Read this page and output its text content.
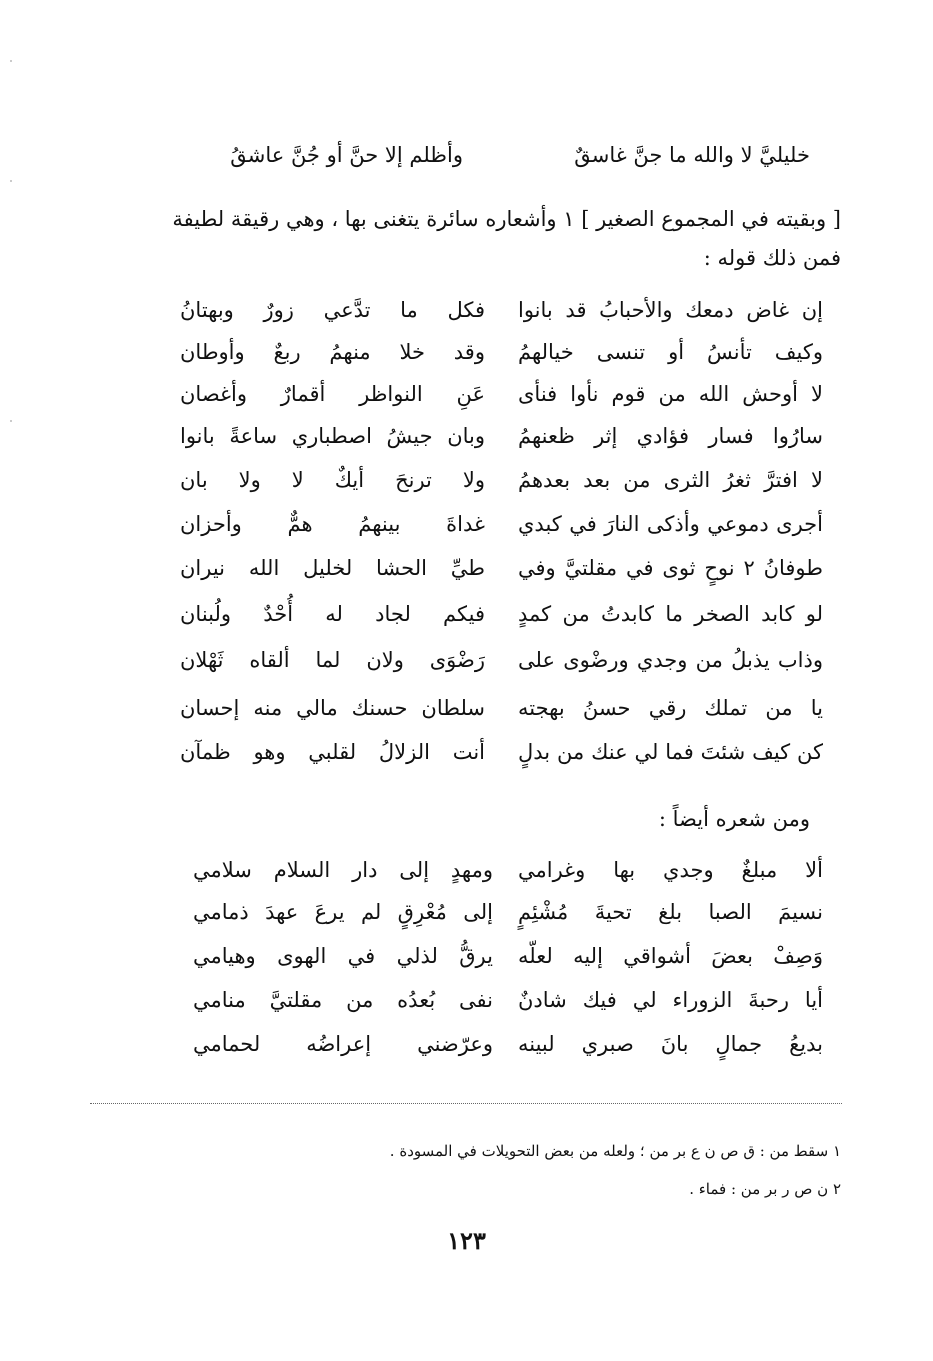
خليليَّ لا والله ما جنَّ غاسقٌ
وأظلم إلا حنَّ أو جُنَّ عاشقُ
[ وبقيته في المجموع الصغير ] ١ وأشعاره سائرة يتغنى بها ، وهي رقيقة لطيفة
فمن ذلك قوله :
إن غاض دمعك والأحبابُ قد بانوا
وكيف تأنسُ أو تنسى خيالهمُ
لا أوحش الله من قوم نأوا فنأى
سارُوا فسار فؤادي إثر ظعنهمُ
لا افترَّ ثغرُ الثرى من بعد بعدهمُ
أجرى دموعي وأذكى النارَ في كبدي
طوفانُ ٢ نوحٍ ثوى في مقلتيَّ وفي
لو كابد الصخر ما كابدتُ من كمدٍ
وذاب يذبلُ من وجدي ورضْوى على
يا من تملك رقي حسنُ بهجته
كن كيف شئتَ فما لي عنك من بدلٍ
فكل ما تدَّعي زورٌ وبهتانُ
وقد خلا منهمُ ربعٌ وأوطان
عَنِ النواظر أقمارٌ وأغصان
وبان جيشُ اصطباري ساعةً بانوا
ولا ترنحَ أيكٌ لا ولا بان
غداةَ بينهمُ همٌّ وأحزان
طيِّ الحشا لخليل الله نيران
فيكم لجاد له أُحْدٌ ولُبنان
رَضْوَى ولان لما ألقاه ثَهْلان
سلطان حسنك مالي منه إحسان
أنت الزلالُ لقلبي وهو ظمآن
ومن شعره أيضاً :
ألا مبلغٌ وجدي بها وغرامي
نسيمَ الصبا بلغ تحيةَ مُشْئِمٍ
وَصِفْ بعضَ أشواقي إليه لعلّه
أيا رحبةَ الزوراء لي فيك شادنٌ
بديعُ جمالٍ بانَ صبري لبينه
ومهدٍ إلى دار السلام سلامي
إلى مُعْرِقٍ لم يرعَ عهدَ ذمامي
يرقُّ لذلي في الهوى وهيامي
نفى بُعدُه من مقلتيَّ منامي
وعرّضني إعراضُه لحمامي
١ سقط من : ق ص ن ع بر من ؛ ولعله من بعض التحويلات في المسودة .
٢ ن ص ر بر من : فماء .
١٢٣
